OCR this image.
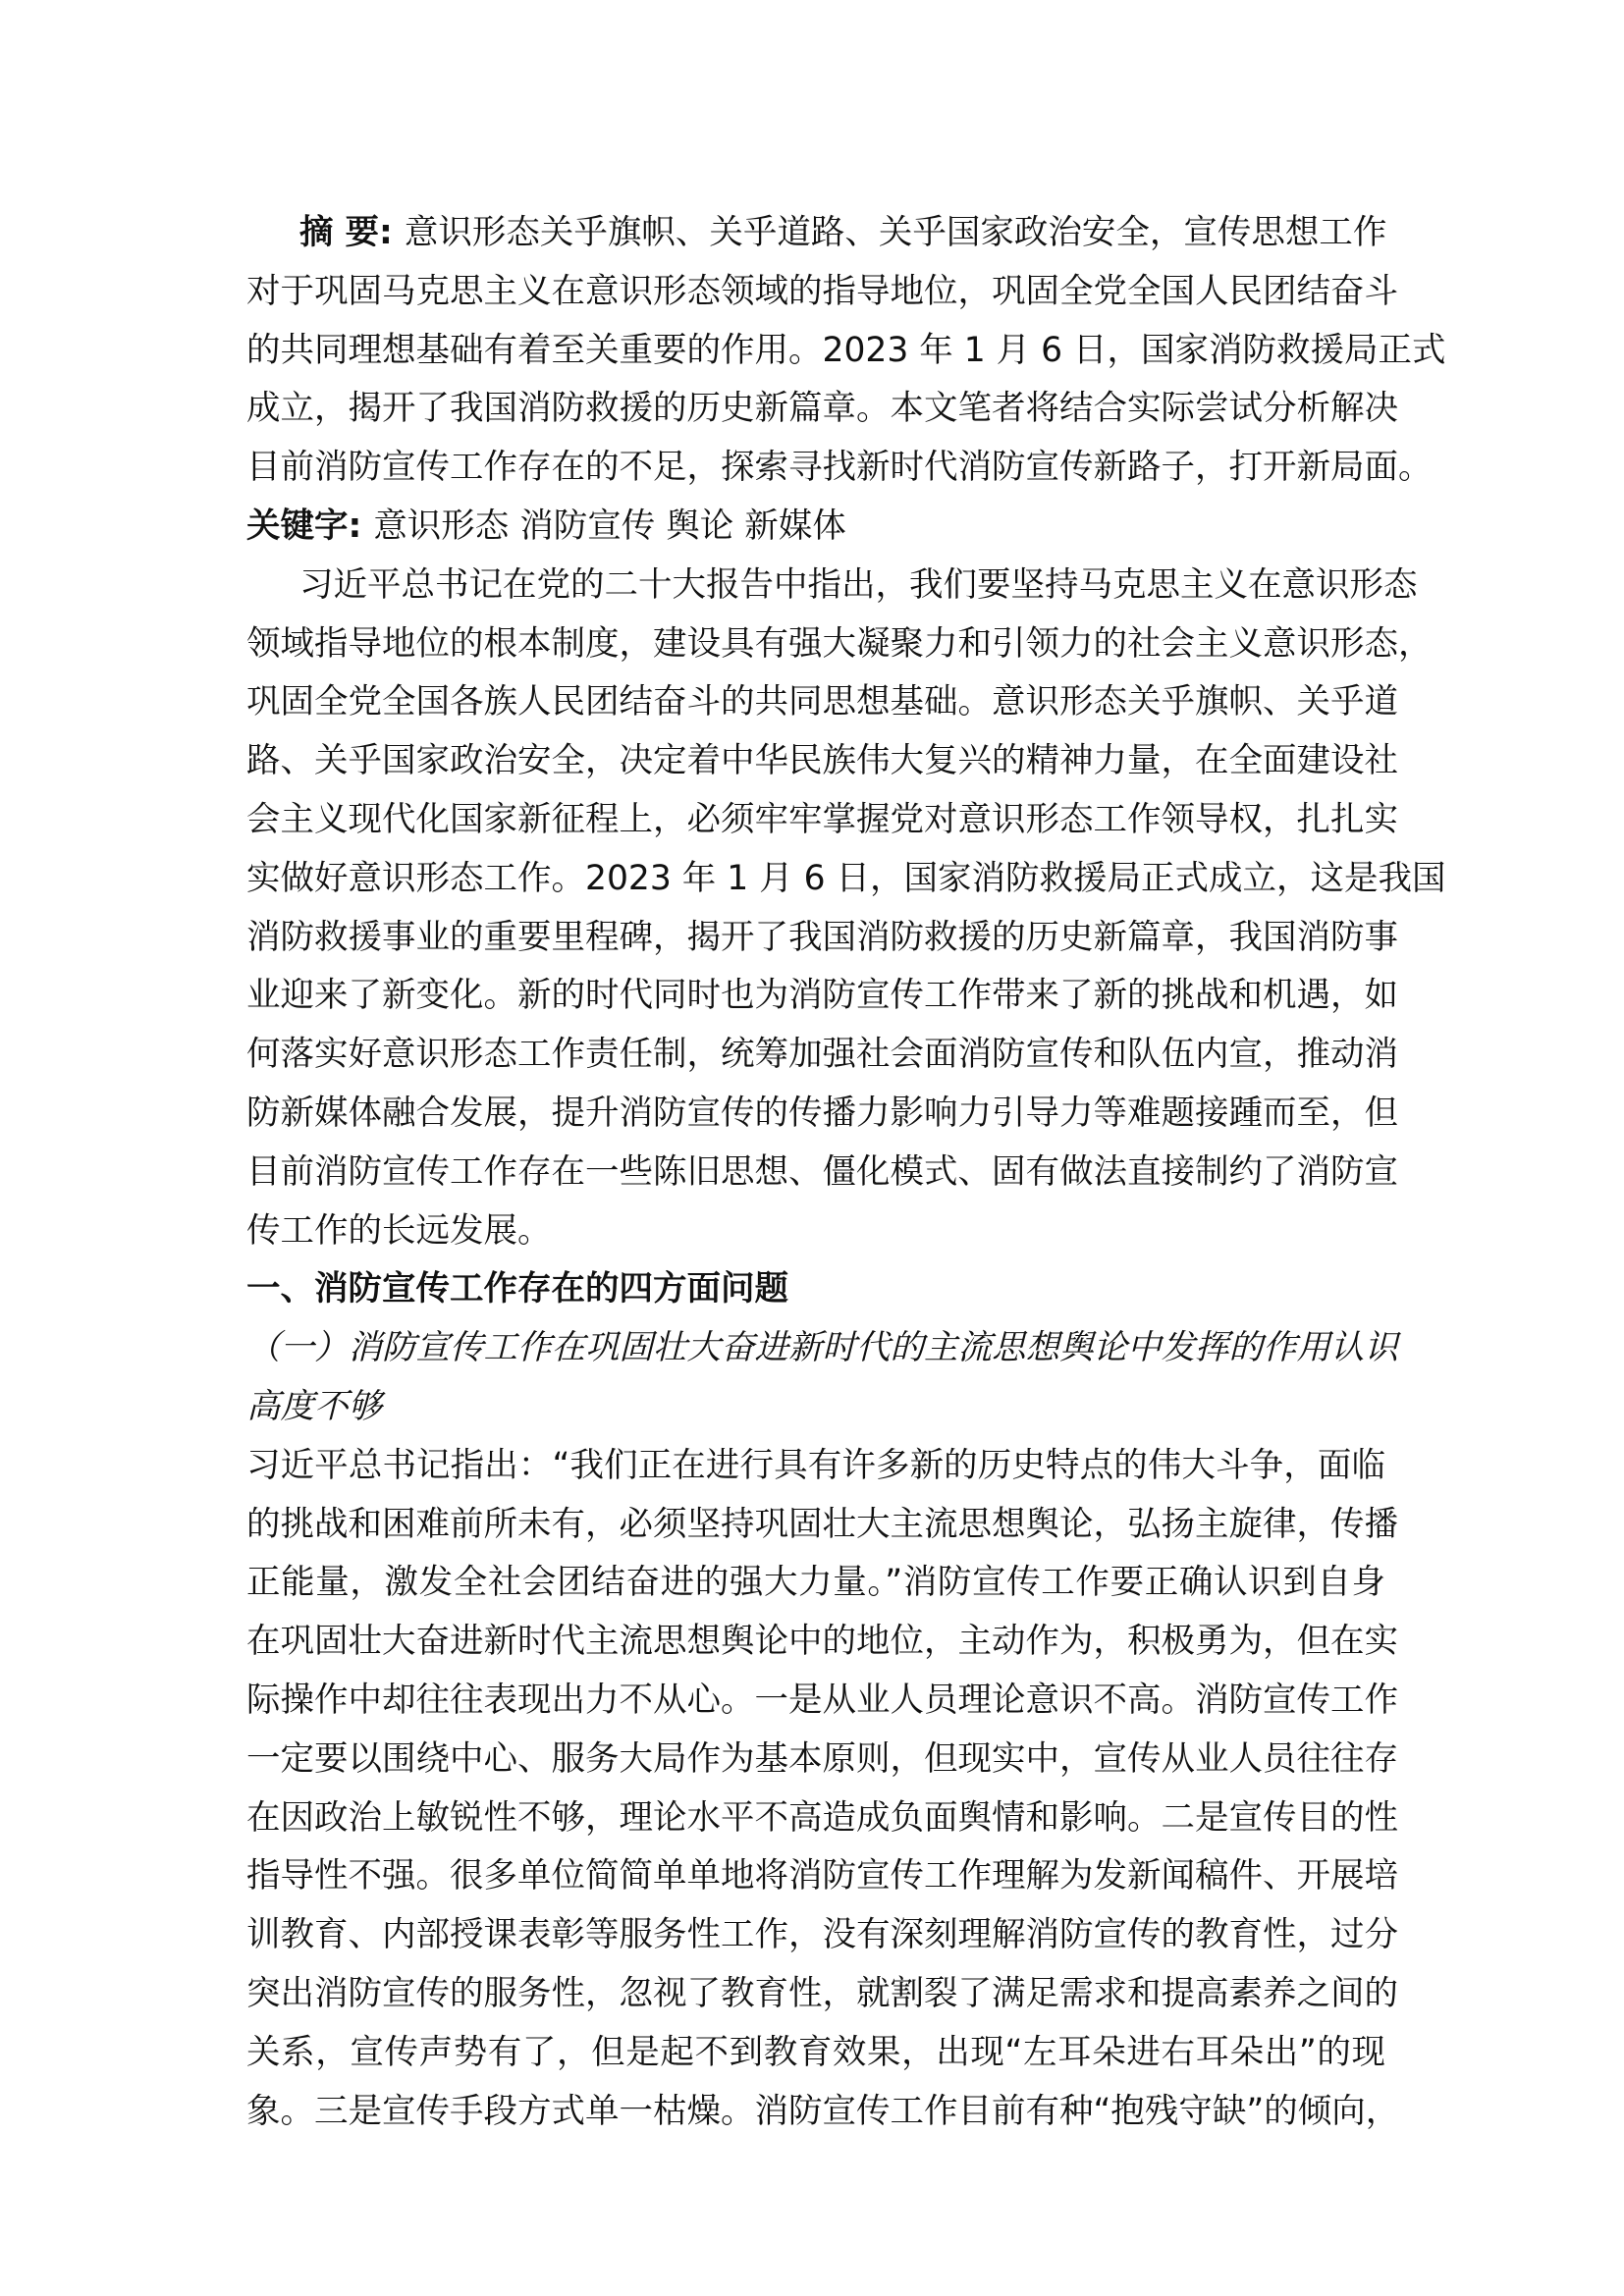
摘 要: 意识形态关乎旗帜、关乎道路、关乎国家政治安全，宣传思想工作
对于巩固马克思主义在意识形态领域的指导地位，巩固全党全国人民团结奋斗
的共同理想基础有着至关重要的作用。2023 年 1 月 6 日，国家消防救援局正式
成立，揭开了我国消防救援的历史新篇章。本文笔者将结合实际尝试分析解决
目前消防宣传工作存在的不足，探索寻找新时代消防宣传新路子，打开新局面。
关键字: 意识形态 消防宣传 舆论 新媒体
习近平总书记在党的二十大报告中指出，我们要坚持马克思主义在意识形态
领域指导地位的根本制度，建设具有强大凝聚力和引领力的社会主义意识形态，
巩固全党全国各族人民团结奋斗的共同思想基础。意识形态关乎旗帜、关乎道
路、关乎国家政治安全，决定着中华民族伟大复兴的精神力量，在全面建设社
会主义现代化国家新征程上，必须牢牢掌握党对意识形态工作领导权，扎扎实
实做好意识形态工作。2023 年 1 月 6 日，国家消防救援局正式成立，这是我国
消防救援事业的重要里程碑，揭开了我国消防救援的历史新篇章，我国消防事
业迎来了新变化。新的时代同时也为消防宣传工作带来了新的挑战和机遇，如
何落实好意识形态工作责任制，统筹加强社会面消防宣传和队伍内宣，推动消
防新媒体融合发展，提升消防宣传的传播力影响力引导力等难题接踵而至，但
目前消防宣传工作存在一些陈旧思想、僵化模式、固有做法直接制约了消防宣
传工作的长远发展。
一、消防宣传工作存在的四方面问题
（一）消防宣传工作在巩固壮大奋进新时代的主流思想舆论中发挥的作用认识
高度不够
习近平总书记指出：“我们正在进行具有许多新的历史特点的伟大斗争，面临
的挑战和困难前所未有，必须坚持巩固壮大主流思想舆论，弘扬主旋律，传播
正能量，激发全社会团结奋进的强大力量。”消防宣传工作要正确认识到自身
在巩固壮大奋进新时代主流思想舆论中的地位，主动作为，积极勇为，但在实
际操作中却往往表现出力不从心。一是从业人员理论意识不高。消防宣传工作
一定要以围绕中心、服务大局作为基本原则，但现实中，宣传从业人员往往存
在因政治上敏锐性不够，理论水平不高造成负面舆情和影响。二是宣传目的性
指导性不强。很多单位简简单单地将消防宣传工作理解为发新闻稿件、开展培
训教育、内部授课表彰等服务性工作，没有深刻理解消防宣传的教育性，过分
突出消防宣传的服务性，忽视了教育性，就割裂了满足需求和提高素养之间的
关系，宣传声势有了，但是起不到教育效果，出现“左耳朵进右耳朵出”的现
象。三是宣传手段方式单一枯燥。消防宣传工作目前有种“抱残守缺”的倾向，
